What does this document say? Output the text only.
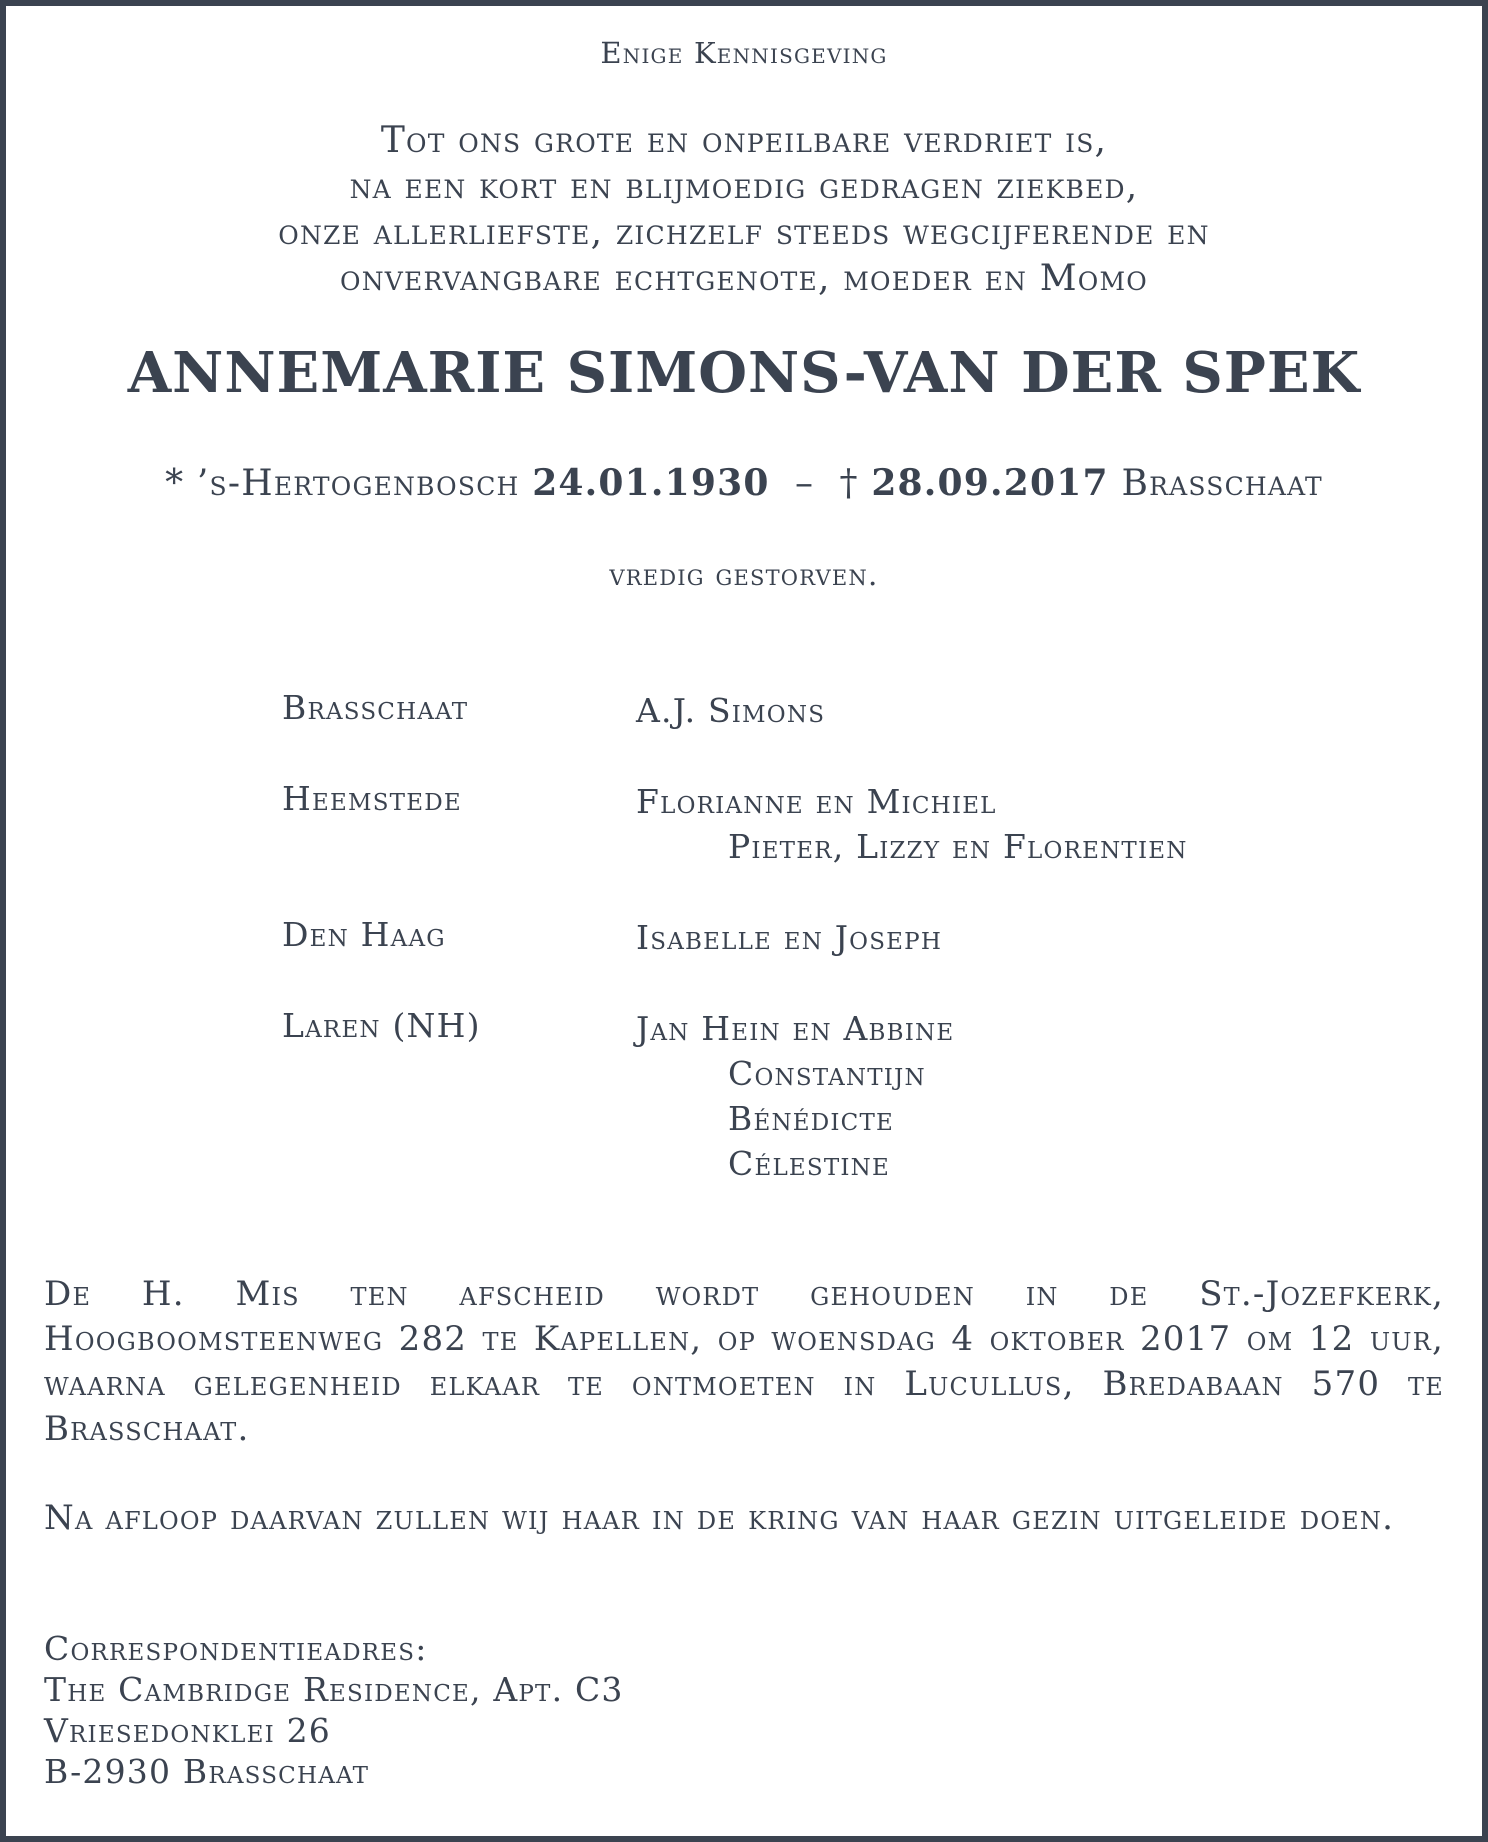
Enige Kennisgeving
Tot ons grote en onpeilbare verdriet is,
na een kort en blijmoedig gedragen ziekbed,
onze allerliefste, zichzelf steeds wegcijferende en
onvervangbare echtgenote, moeder en Momo
ANNEMARIE SIMONS-VAN DER SPEK
* ’s-Hertogenbosch 24.01.1930 – † 28.09.2017 Brasschaat
vredig gestorven.
Brasschaat	A.J. Simons
Heemstede	Florianne en Michiel
Pieter, Lizzy en Florentien
Den Haag	Isabelle en Joseph
Laren (NH)	Jan Hein en Abbine
Constantijn
Bénédicte
Célestine
De H. Mis ten afscheid wordt gehouden in de St.-Jozefkerk, Hoogboomsteenweg 282 te Kapellen, op woensdag 4 oktober 2017 om 12 uur, waarna gelegenheid elkaar te ontmoeten in Lucullus, Bredabaan 570 te Brasschaat.
Na afloop daarvan zullen wij haar in de kring van haar gezin uitgeleide doen.
Correspondentieadres:
The Cambridge Residence, Apt. C3
Vriesedonklei 26
B-2930 Brasschaat
